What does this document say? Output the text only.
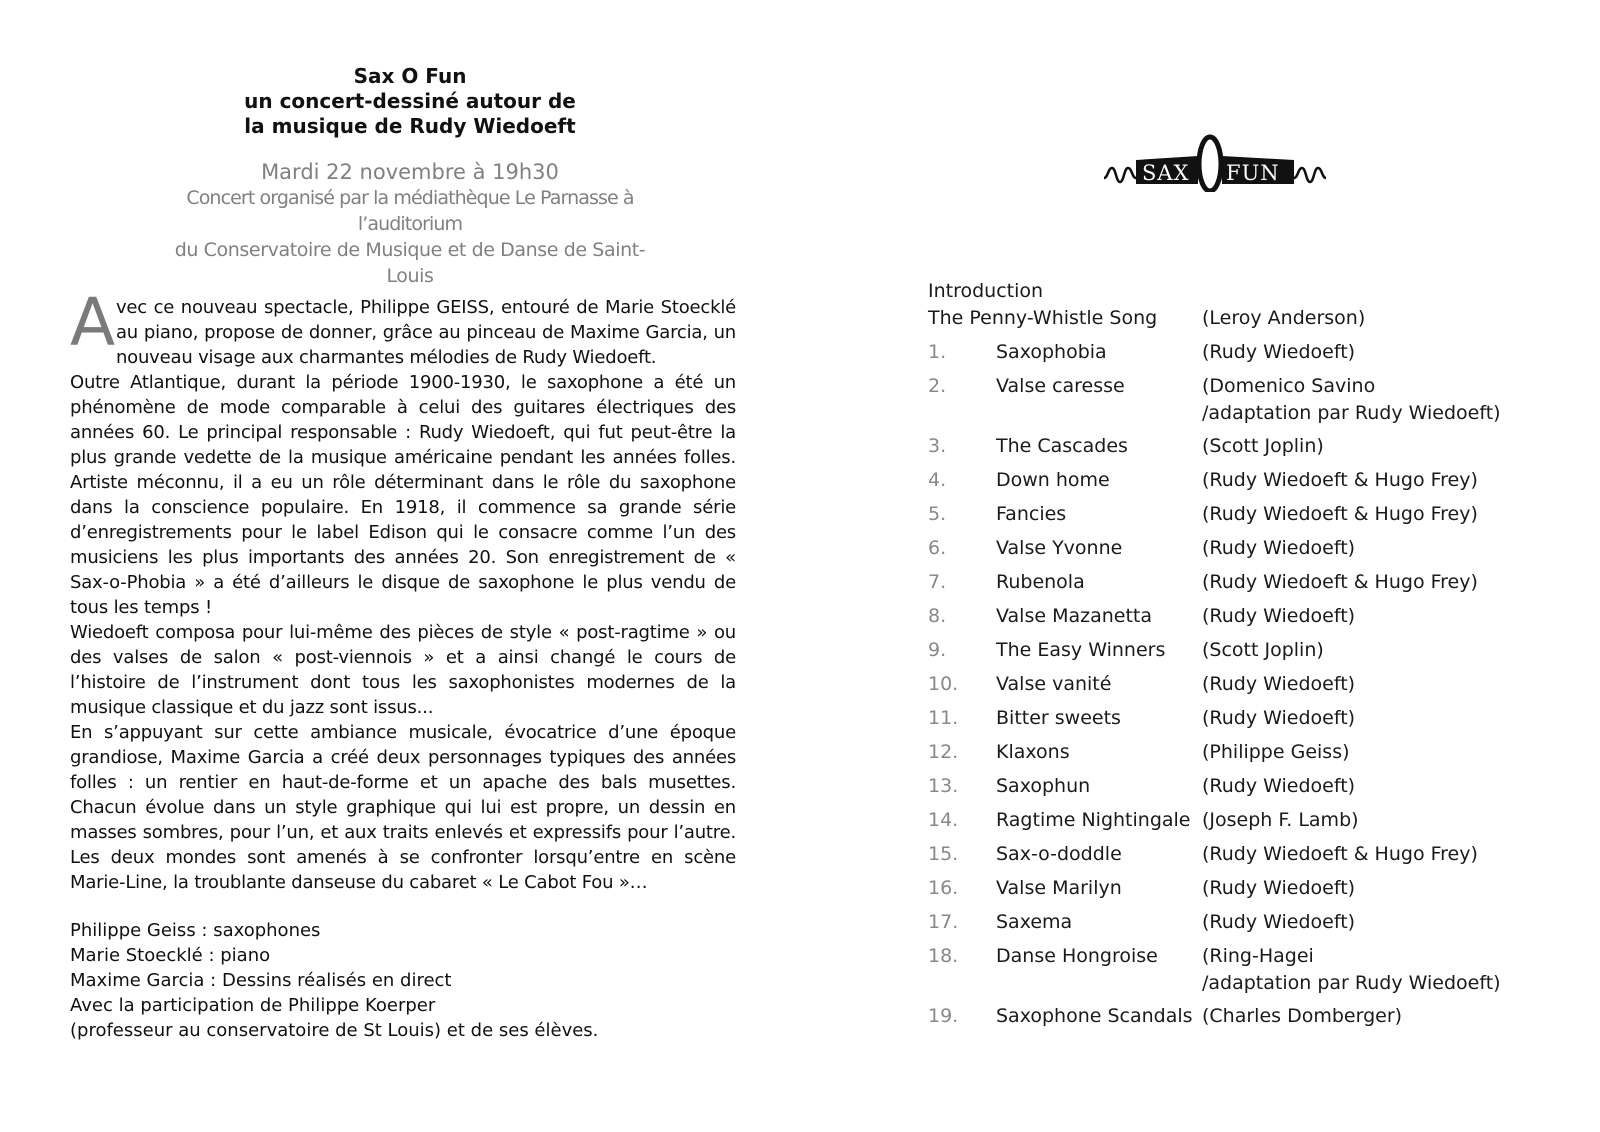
Sax O Fun
un concert-dessiné autour de
la musique de Rudy Wiedoeft
Mardi 22 novembre à 19h30
Concert organisé par la médiathèque Le Parnasse à l’auditorium
du Conservatoire de Musique et de Danse de Saint-Louis

Avec ce nouveau spectacle, Philippe GEISS, entouré de Marie Stoecklé au piano, propose de donner, grâce au pinceau de Maxime Garcia, un nouveau visage aux charmantes mélodies de Rudy Wiedoeft.

Outre Atlantique, durant la période 1900-1930, le saxophone a été un phénomène de mode comparable à celui des guitares électriques des années 60. Le principal responsable : Rudy Wiedoeft, qui fut peut-être la plus grande vedette de la musique américaine pendant les années folles. Artiste méconnu, il a eu un rôle déterminant dans le rôle du saxophone dans la conscience populaire. En 1918, il commence sa grande série d’enregistrements pour le label Edison qui le consacre comme l’un des musiciens les plus importants des années 20. Son enregistrement de « Sax-o-Phobia » a été d’ailleurs le disque de saxophone le plus vendu de tous les temps !

Wiedoeft composa pour lui-même des pièces de style « post-ragtime » ou des valses de salon « post-viennois » et a ainsi changé le cours de l’histoire de l’instrument dont tous les saxophonistes modernes de la musique classique et du jazz sont issus...

En s’appuyant sur cette ambiance musicale, évocatrice d’une époque grandiose, Maxime Garcia a créé deux personnages typiques des années folles : un rentier en haut-de-forme et un apache des bals musettes. Chacun évolue dans un style graphique qui lui est propre, un dessin en masses sombres, pour l’un, et aux traits enlevés et expressifs pour l’autre. Les deux mondes sont amenés à se confronter lorsqu’entre en scène Marie-Line, la troublante danseuse du cabaret « Le Cabot Fou »…

Philippe Geiss : saxophones
Marie Stoecklé : piano
Maxime Garcia : Dessins réalisés en direct
Avec la participation de Philippe Koerper
(professeur au conservatoire de St Louis) et de ses élèves.
SAX FUN
Introduction
The Penny-Whistle Song	(Leroy Anderson)
1.	Saxophobia	(Rudy Wiedoeft)
2.	Valse caresse	(Domenico Savino
/adaptation par Rudy Wiedoeft)
3.	The Cascades	(Scott Joplin)
4.	Down home	(Rudy Wiedoeft & Hugo Frey)
5.	Fancies	(Rudy Wiedoeft & Hugo Frey)
6.	Valse Yvonne	(Rudy Wiedoeft)
7.	Rubenola	(Rudy Wiedoeft & Hugo Frey)
8.	Valse Mazanetta	(Rudy Wiedoeft)
9.	The Easy Winners	(Scott Joplin)
10.	Valse vanité	(Rudy Wiedoeft)
11.	Bitter sweets	(Rudy Wiedoeft)
12.	Klaxons	(Philippe Geiss)
13.	Saxophun	(Rudy Wiedoeft)
14.	Ragtime Nightingale (Joseph F. Lamb)
15.	Sax-o-doddle	(Rudy Wiedoeft & Hugo Frey)
16.	Valse Marilyn	(Rudy Wiedoeft)
17.	Saxema	(Rudy Wiedoeft)
18.	Danse Hongroise	(Ring-Hagei
/adaptation par Rudy Wiedoeft)
19.	Saxophone Scandals (Charles Domberger)
